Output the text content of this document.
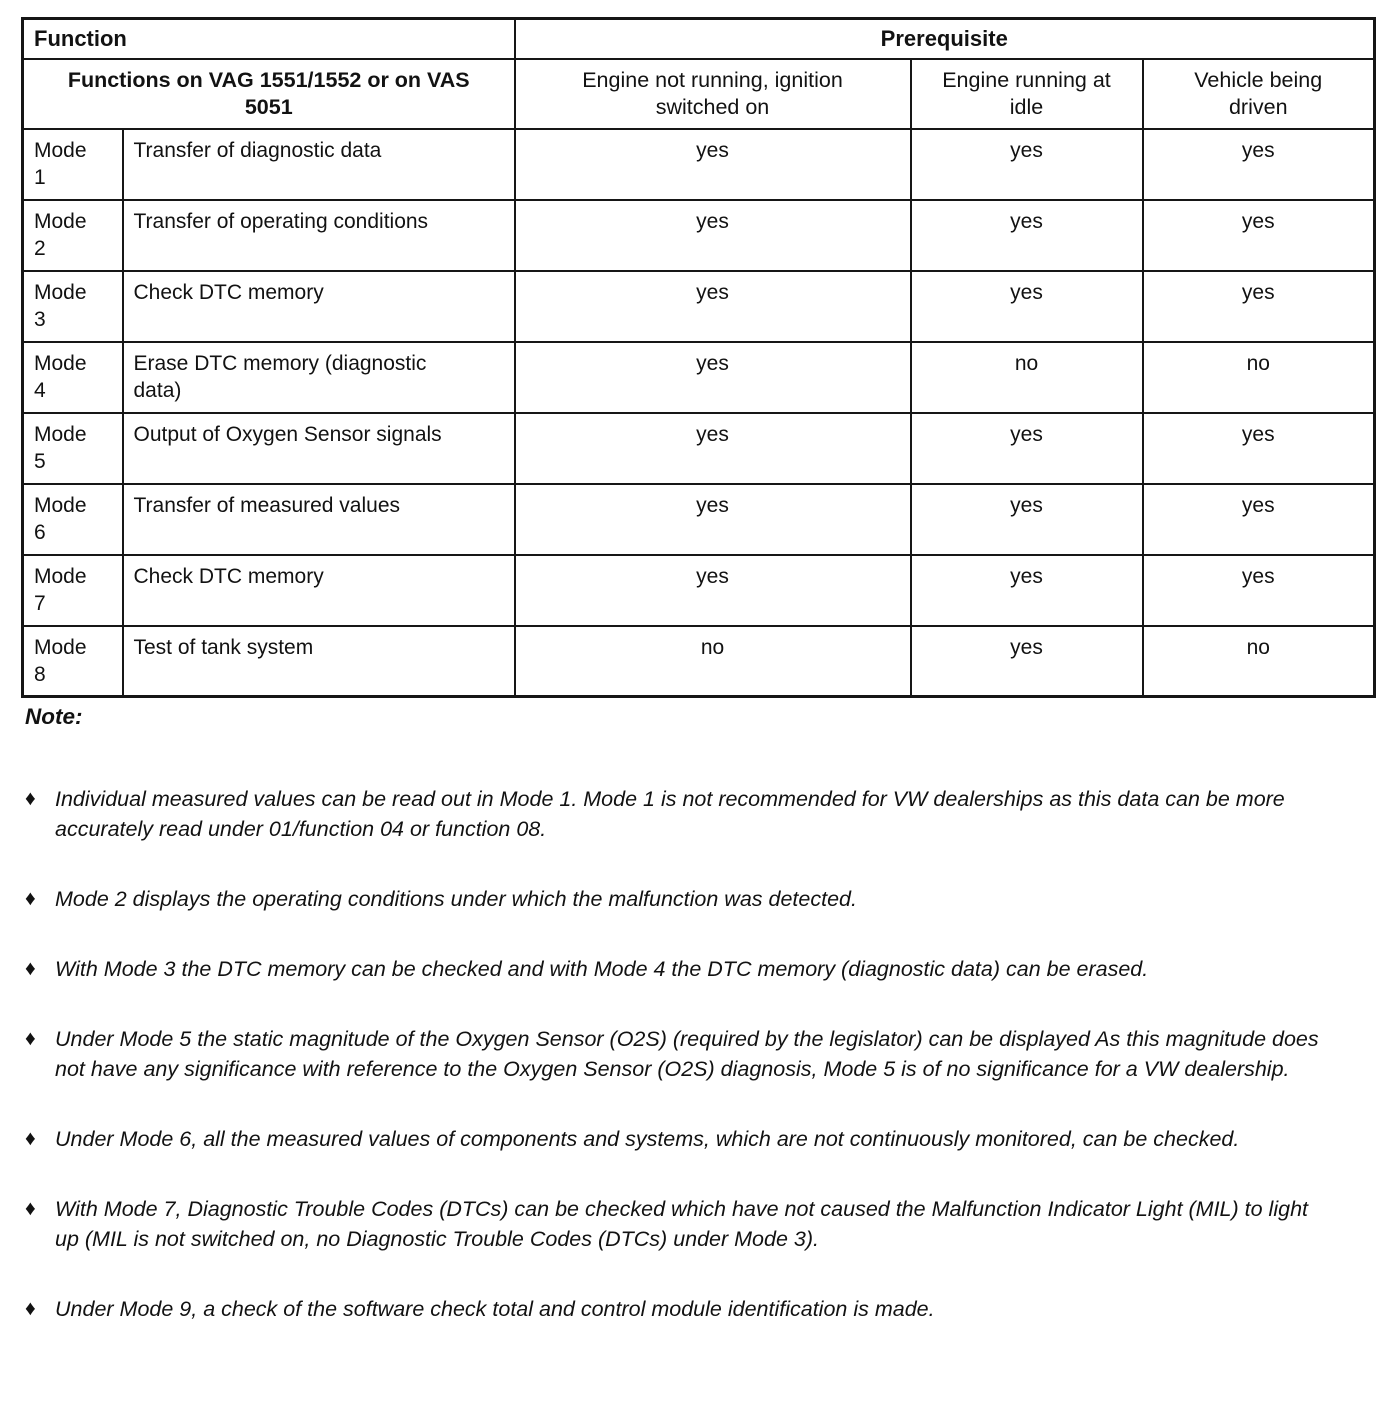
Function		Prerequisite		

Functions on VAG 1551/1552 or on VAS 5051		Engine not running, ignition switched on	Engine running at idle	Vehicle being driven

Mode 1	Transfer of diagnostic data	yes	yes	yes

Mode 2	Transfer of operating conditions	yes	yes	yes

Mode 3	Check DTC memory	yes	yes	yes

Mode 4	Erase DTC memory (diagnostic data)	yes	no	no

Mode 5	Output of Oxygen Sensor signals	yes	yes	yes

Mode 6	Transfer of measured values	yes	yes	yes

Mode 7	Check DTC memory	yes	yes	yes

Mode 8	Test of tank system	no	yes	no
Note:
♦ Individual measured values can be read out in Mode 1. Mode 1 is not recommended for VW dealerships as this data can be more accurately read under 01/function 04 or function 08.
♦ Mode 2 displays the operating conditions under which the malfunction was detected.
♦ With Mode 3 the DTC memory can be checked and with Mode 4 the DTC memory (diagnostic data) can be erased.
♦ Under Mode 5 the static magnitude of the Oxygen Sensor (O2S) (required by the legislator) can be displayed As this magnitude does not have any significance with reference to the Oxygen Sensor (O2S) diagnosis, Mode 5 is of no significance for a VW dealership.
♦ Under Mode 6, all the measured values of components and systems, which are not continuously monitored, can be checked.
♦ With Mode 7, Diagnostic Trouble Codes (DTCs) can be checked which have not caused the Malfunction Indicator Light (MIL) to light up (MIL is not switched on, no Diagnostic Trouble Codes (DTCs) under Mode 3).
♦ Under Mode 9, a check of the software check total and control module identification is made.
